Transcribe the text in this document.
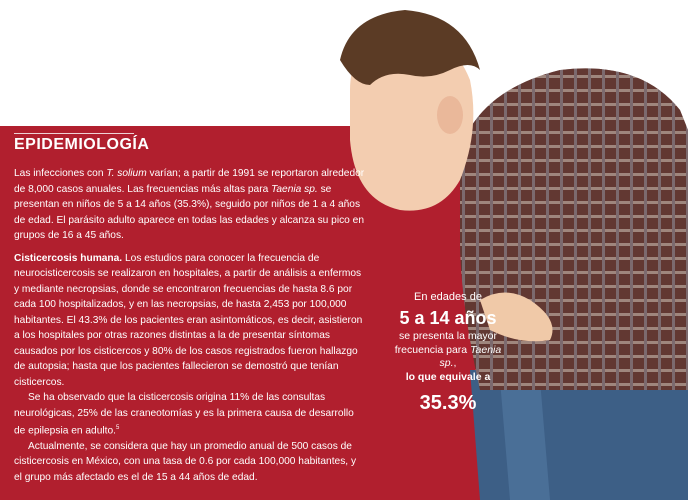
EPIDEMIOLOGÍA

Las infecciones con T. solium varían; a partir de 1991 se reportaron alrededor de 8,000 casos anuales. Las frecuencias más altas para Taenia sp. se presentan en niños de 5 a 14 años (35.3%), seguido por niños de 1 a 4 años de edad. El parásito adulto aparece en todas las edades y alcanza su pico en grupos de 16 a 45 años.

Cisticercosis humana. Los estudios para conocer la frecuencia de neurocisticercosis se realizaron en hospitales, a partir de análisis a enfermos y mediante necropsias, donde se encontraron frecuencias de hasta 8.6 por cada 100 hospitalizados, y en las necropsias, de hasta 2,453 por 100,000 habitantes. El 43.3% de los pacientes eran asintomáticos, es decir, asistieron a los hospitales por otras razones distintas a la de presentar síntomas causados por los cisticercos y 80% de los casos registrados fueron hallazgo de autopsia; hasta que los pacientes fallecieron se demostró que tenían cisticercos.

Se ha observado que la cisticercosis origina 11% de las consultas neurológicas, 25% de las craneotomías y es la primera causa de desarrollo de epilepsia en adulto.$^5$

Actualmente, se considera que hay un promedio anual de 500 casos de cisticercosis en México, con una tasa de 0.6 por cada 100,000 habitantes, y el grupo más afectado es el de 15 a 44 años de edad.

En edades de
5 a 14 años
se presenta la mayor frecuencia para Taenia sp.,
lo que equivale a
35.3%
